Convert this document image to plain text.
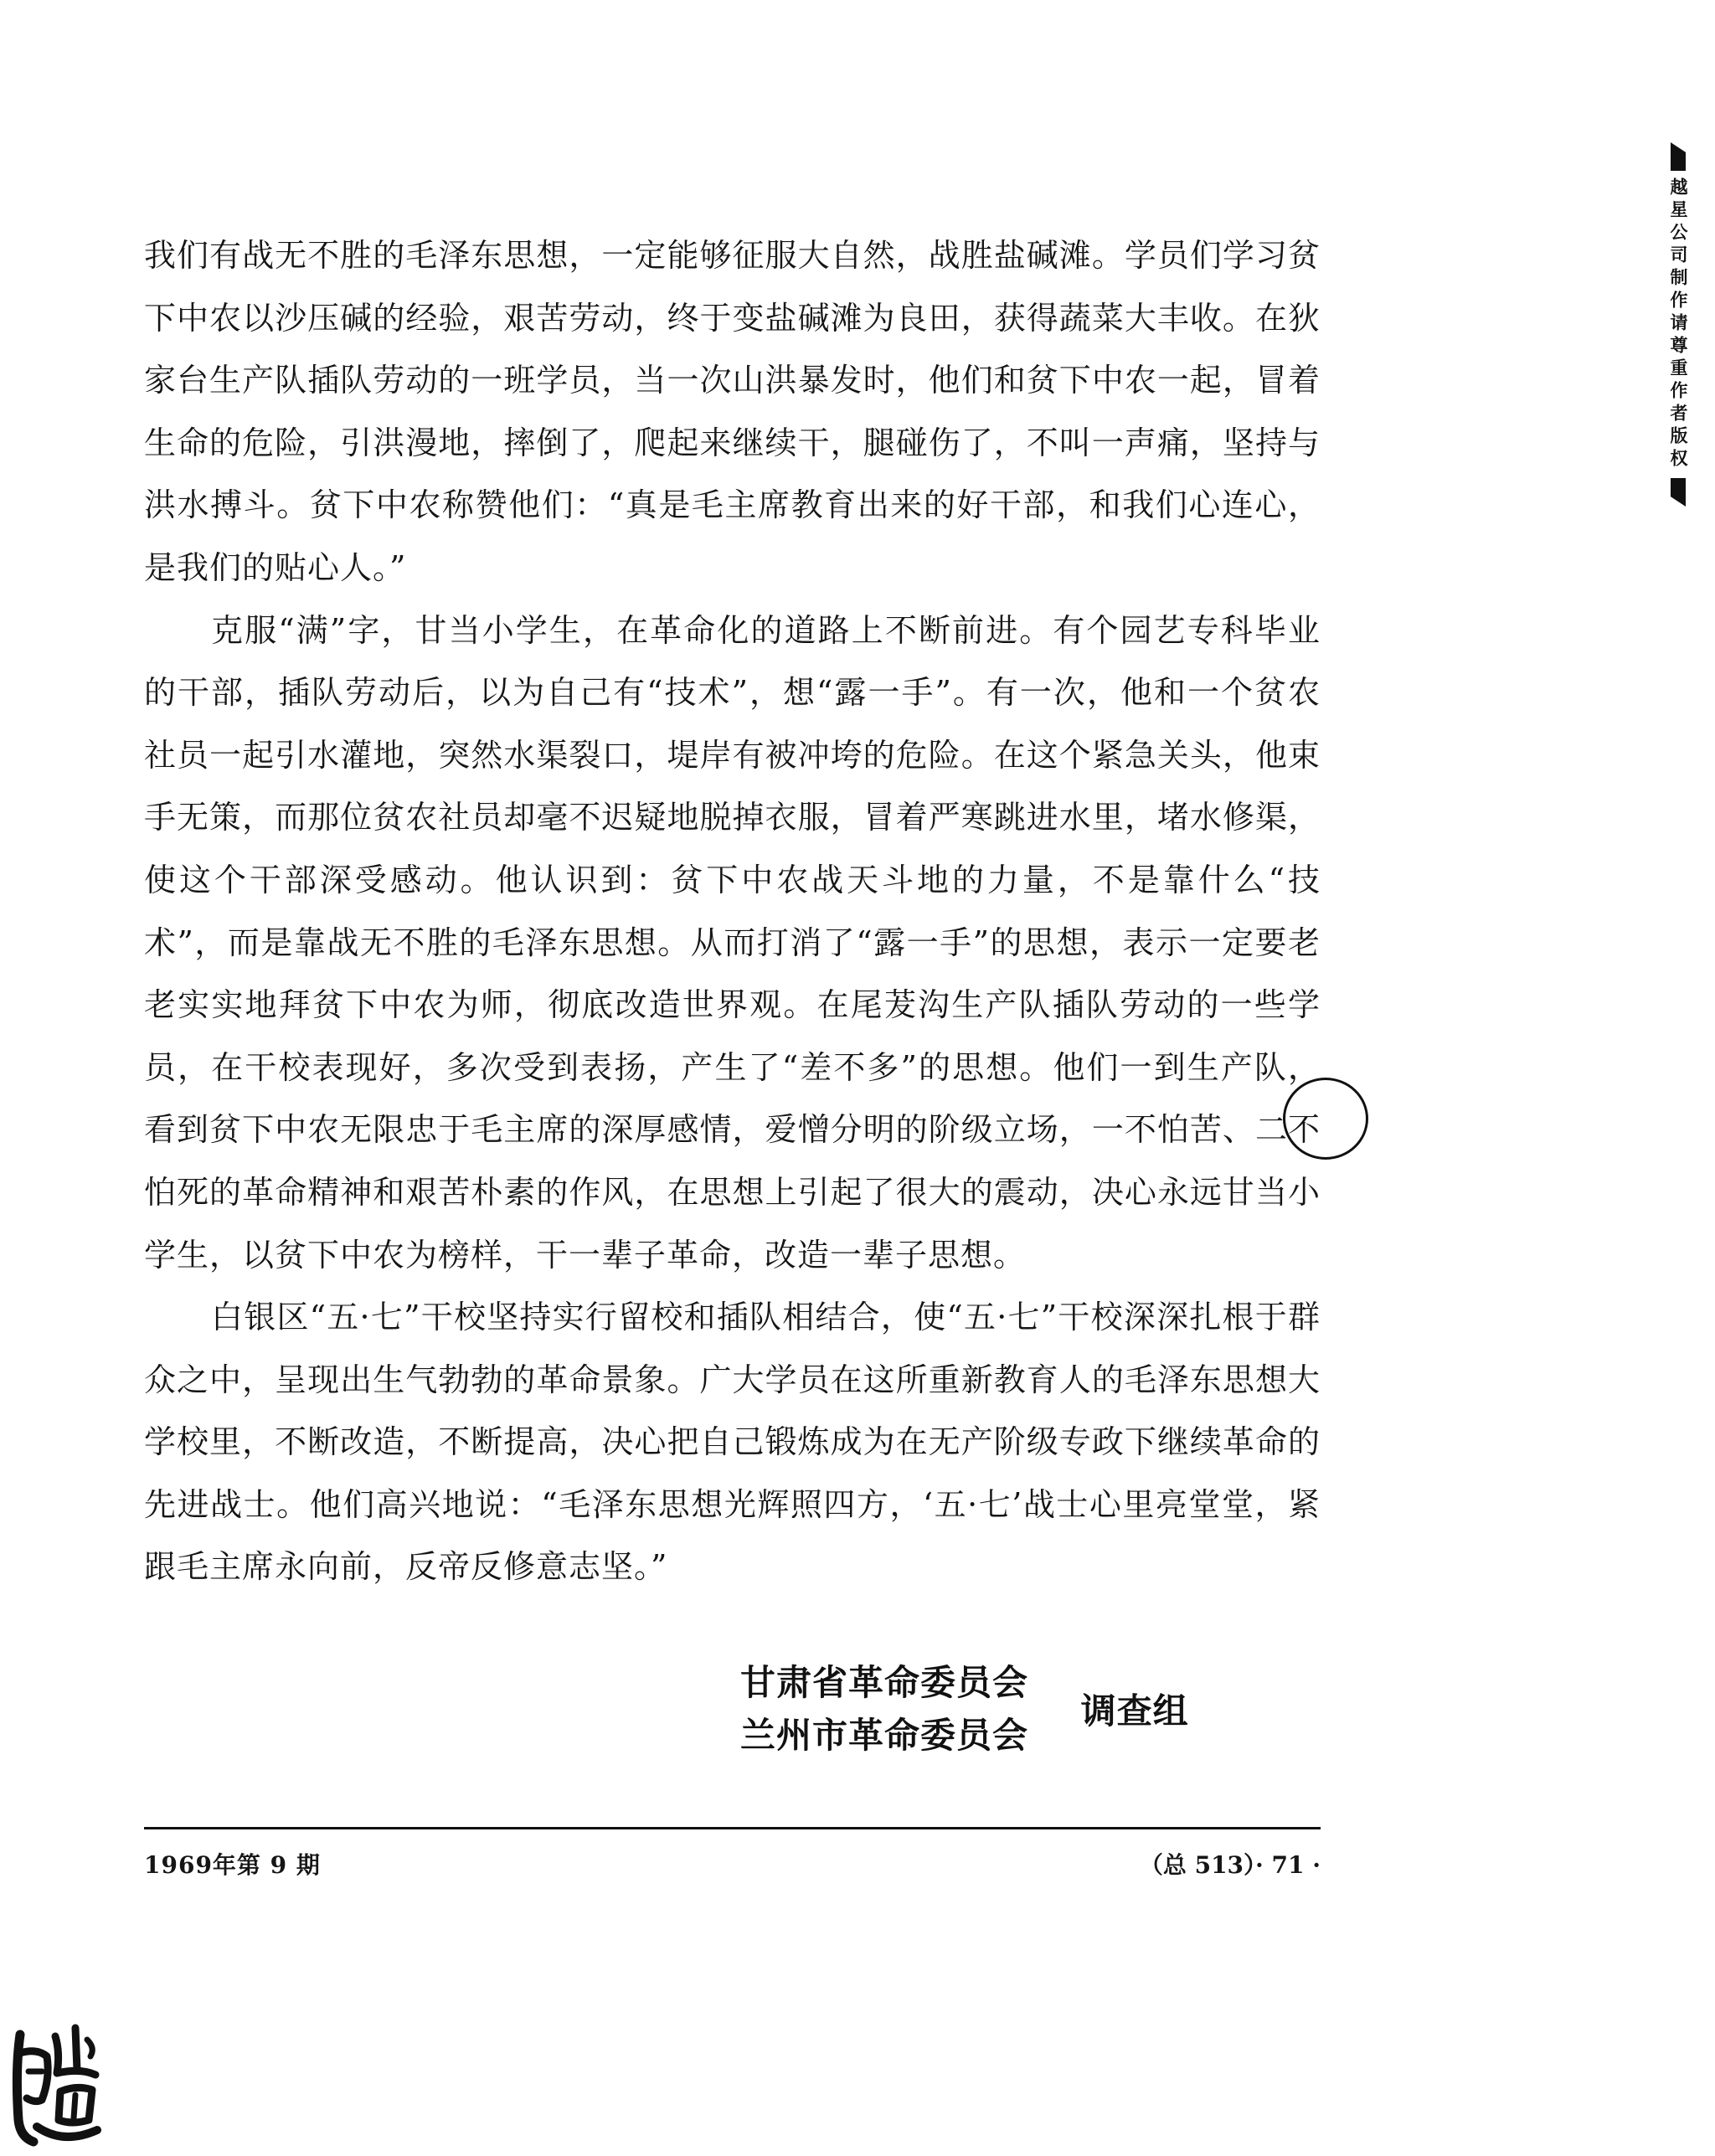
我们有战无不胜的毛泽东思想，一定能够征服大自然，战胜盐碱滩。学员们学习贫下中农以沙压碱的经验，艰苦劳动，终于变盐碱滩为良田，获得蔬菜大丰收。在狄家台生产队插队劳动的一班学员，当一次山洪暴发时，他们和贫下中农一起，冒着生命的危险，引洪漫地，摔倒了，爬起来继续干，腿碰伤了，不叫一声痛，坚持与洪水搏斗。贫下中农称赞他们：“真是毛主席教育出来的好干部，和我们心连心，是我们的贴心人。”

克服“满”字，甘当小学生，在革命化的道路上不断前进。有个园艺专科毕业的干部，插队劳动后，以为自己有“技术”，想“露一手”。有一次，他和一个贫农社员一起引水灌地，突然水渠裂口，堤岸有被冲垮的危险。在这个紧急关头，他束手无策，而那位贫农社员却毫不迟疑地脱掉衣服，冒着严寒跳进水里，堵水修渠，使这个干部深受感动。他认识到：贫下中农战天斗地的力量，不是靠什么“技术”，而是靠战无不胜的毛泽东思想。从而打消了“露一手”的思想，表示一定要老老实实地拜贫下中农为师，彻底改造世界观。在尾茇沟生产队插队劳动的一些学员，在干校表现好，多次受到表扬，产生了“差不多”的思想。他们一到生产队，看到贫下中农无限忠于毛主席的深厚感情，爱憎分明的阶级立场，一不怕苦、二不怕死的革命精神和艰苦朴素的作风，在思想上引起了很大的震动，决心永远甘当小学生，以贫下中农为榜样，干一辈子革命，改造一辈子思想。

白银区“五·七”干校坚持实行留校和插队相结合，使“五·七”干校深深扎根于群众之中，呈现出生气勃勃的革命景象。广大学员在这所重新教育人的毛泽东思想大学校里，不断改造，不断提高，决心把自己锻炼成为在无产阶级专政下继续革命的先进战士。他们高兴地说：“毛泽东思想光辉照四方，‘五·七’战士心里亮堂堂，紧跟毛主席永向前，反帝反修意志坚。”

甘肃省革命委员会
兰州市革命委员会 调查组
1969年第 9 期	（总 513）· 71 ·
越星公司制作请尊重作者版权
